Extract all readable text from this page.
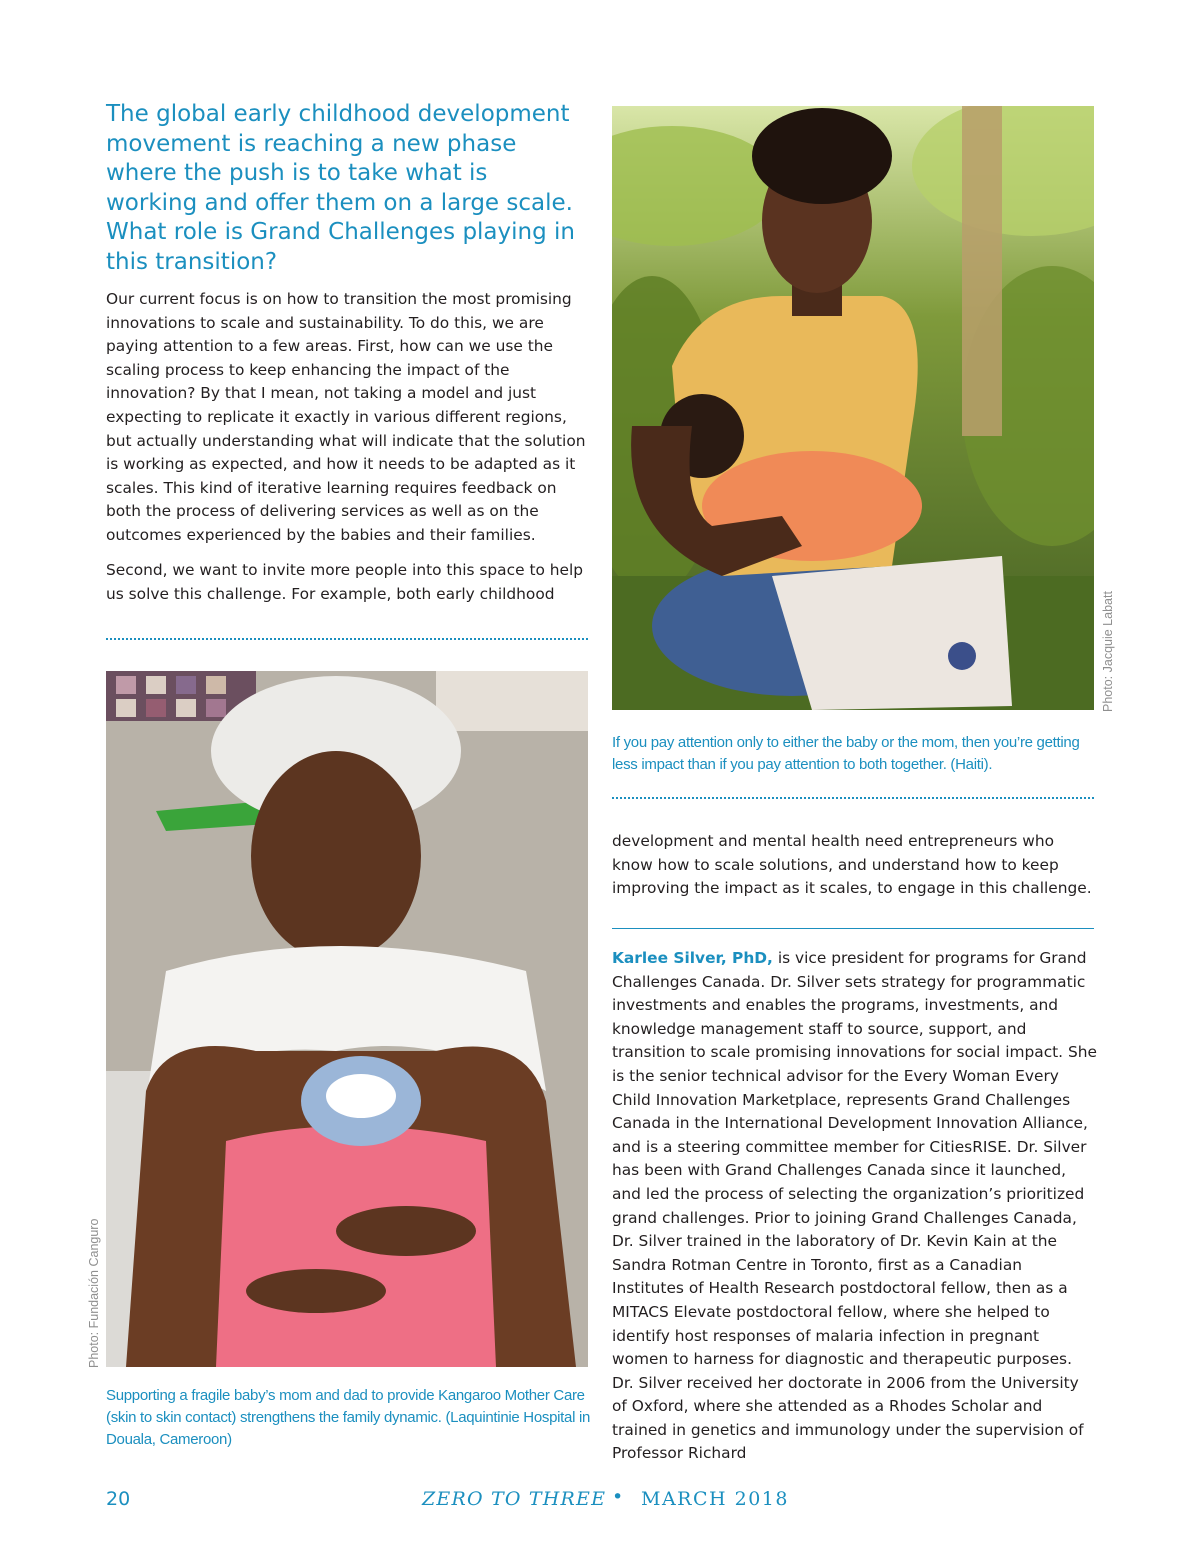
The global early childhood development movement is reaching a new phase where the push is to take what is working and offer them on a large scale. What role is Grand Challenges playing in this transition?

Our current focus is on how to transition the most promising innovations to scale and sustainability. To do this, we are paying attention to a few areas. First, how can we use the scaling process to keep enhancing the impact of the innovation? By that I mean, not taking a model and just expecting to replicate it exactly in various different regions, but actually understanding what will indicate that the solution is working as expected, and how it needs to be adapted as it scales. This kind of iterative learning requires feedback on both the process of delivering services as well as on the outcomes experienced by the babies and their families.

Second, we want to invite more people into this space to help us solve this challenge. For example, both early childhood	Photo: Jacquie Labatt

If you pay attention only to either the baby or the mom, then you’re getting less impact than if you pay attention to both together. (Haiti).

development and mental health need entrepreneurs who know how to scale solutions, and understand how to keep improving the impact as it scales, to engage in this challenge.

Karlee Silver, PhD, is vice president for programs for Grand Challenges Canada. Dr. Silver sets strategy for programmatic investments and enables the programs, investments, and knowledge management staff to source, support, and transition to scale promising innovations for social impact. She is the senior technical advisor for the Every Woman Every Child Innovation Marketplace, represents Grand Challenges Canada in the International Development Innovation Alliance, and is a steering committee member for CitiesRISE. Dr. Silver has been with Grand Challenges Canada since it launched, and led the process of selecting the organization’s prioritized grand challenges. Prior to joining Grand Challenges Canada, Dr. Silver trained in the laboratory of Dr. Kevin Kain at the Sandra Rotman Centre in Toronto, first as a Canadian Institutes of Health Research postdoctoral fellow, then as a MITACS Elevate postdoctoral fellow, where she helped to identify host responses of malaria infection in pregnant women to harness for diagnostic and therapeutic purposes. Dr. Silver received her doctorate in 2006 from the University of Oxford, where she attended as a Rhodes Scholar and trained in genetics and immunology under the supervision of Professor Richard

Photo: Fundación Canguro

Supporting a fragile baby’s mom and dad to provide Kangaroo Mother Care (skin to skin contact) strengthens the family dynamic. (Laquintinie Hospital in Douala, Cameroon)

20	ZERO TO THREE • MARCH 2018
